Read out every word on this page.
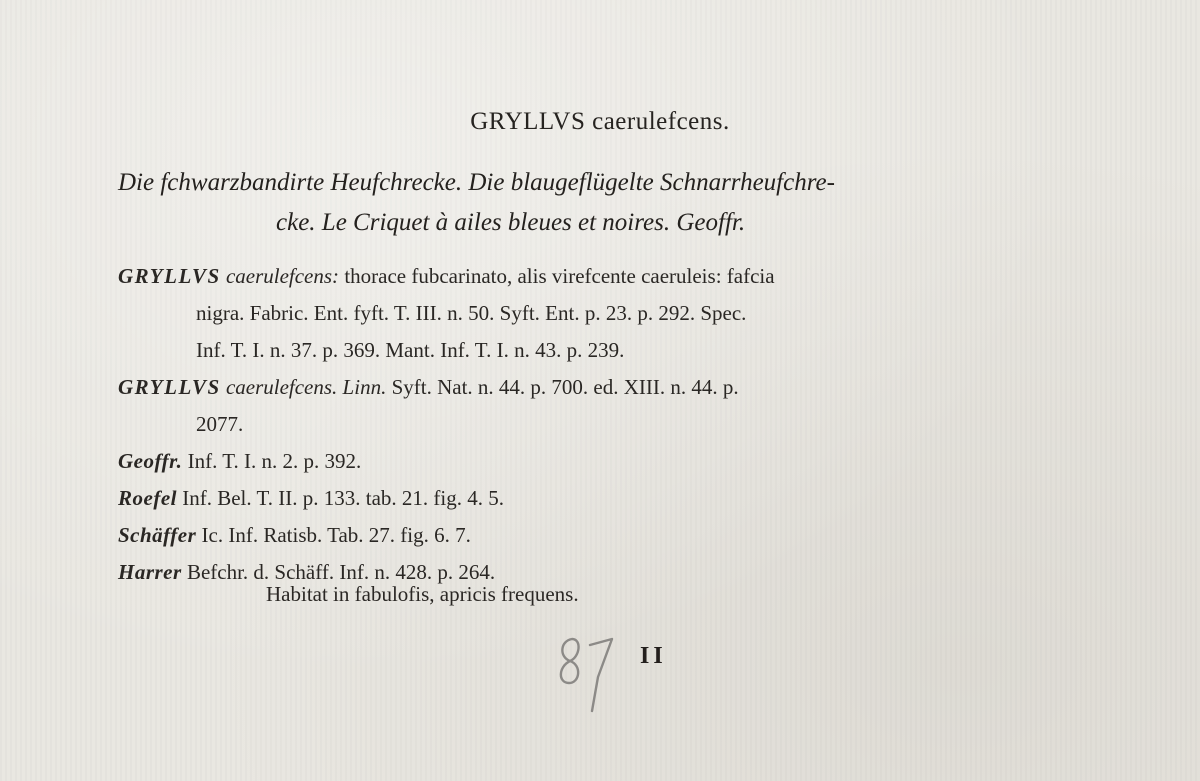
GRYLLVS caerulefcens.
Die fchwarzbandirte Heufchrecke. Die blaugeflügelte Schnarrheufchre-
cke. Le Criquet à ailes bleues et noires. Geoffr.
GRYLLVS caerulefcens: thorace fubcarinato, alis virefcente caeruleis: fafcia
nigra. Fabric. Ent. fyft. T. III. n. 50. Syft. Ent. p. 23. p. 292. Spec.
Inf. T. I. n. 37. p. 369. Mant. Inf. T. I. n. 43. p. 239.
GRYLLVS caerulefcens. Linn. Syft. Nat. n. 44. p. 700. ed. XIII. n. 44. p.
2077.
Geoffr. Inf. T. I. n. 2. p. 392.
Roefel Inf. Bel. T. II. p. 133. tab. 21. fig. 4. 5.
Schäffer Ic. Inf. Ratisb. Tab. 27. fig. 6. 7.
Harrer Befchr. d. Schäff. Inf. n. 428. p. 264.
Habitat in fabulofis, apricis frequens.
87
II
